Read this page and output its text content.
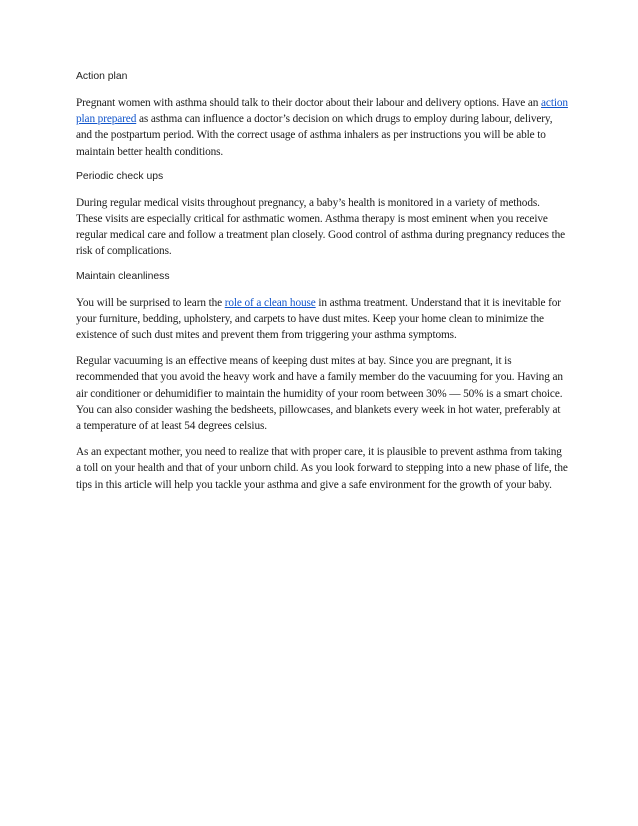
Action plan

Pregnant women with asthma should talk to their doctor about their labour and delivery options. Have an action plan prepared as asthma can influence a doctor’s decision on which drugs to employ during labour, delivery, and the postpartum period. With the correct usage of asthma inhalers as per instructions you will be able to maintain better health conditions.

Periodic check ups

During regular medical visits throughout pregnancy, a baby’s health is monitored in a variety of methods. These visits are especially critical for asthmatic women. Asthma therapy is most eminent when you receive regular medical care and follow a treatment plan closely. Good control of asthma during pregnancy reduces the risk of complications.

Maintain cleanliness

You will be surprised to learn the role of a clean house in asthma treatment. Understand that it is inevitable for your furniture, bedding, upholstery, and carpets to have dust mites. Keep your home clean to minimize the existence of such dust mites and prevent them from triggering your asthma symptoms.

Regular vacuuming is an effective means of keeping dust mites at bay. Since you are pregnant, it is recommended that you avoid the heavy work and have a family member do the vacuuming for you. Having an air conditioner or dehumidifier to maintain the humidity of your room between 30% — 50% is a smart choice. You can also consider washing the bedsheets, pillowcases, and blankets every week in hot water, preferably at a temperature of at least 54 degrees celsius.

As an expectant mother, you need to realize that with proper care, it is plausible to prevent asthma from taking a toll on your health and that of your unborn child. As you look forward to stepping into a new phase of life, the tips in this article will help you tackle your asthma and give a safe environment for the growth of your baby.
